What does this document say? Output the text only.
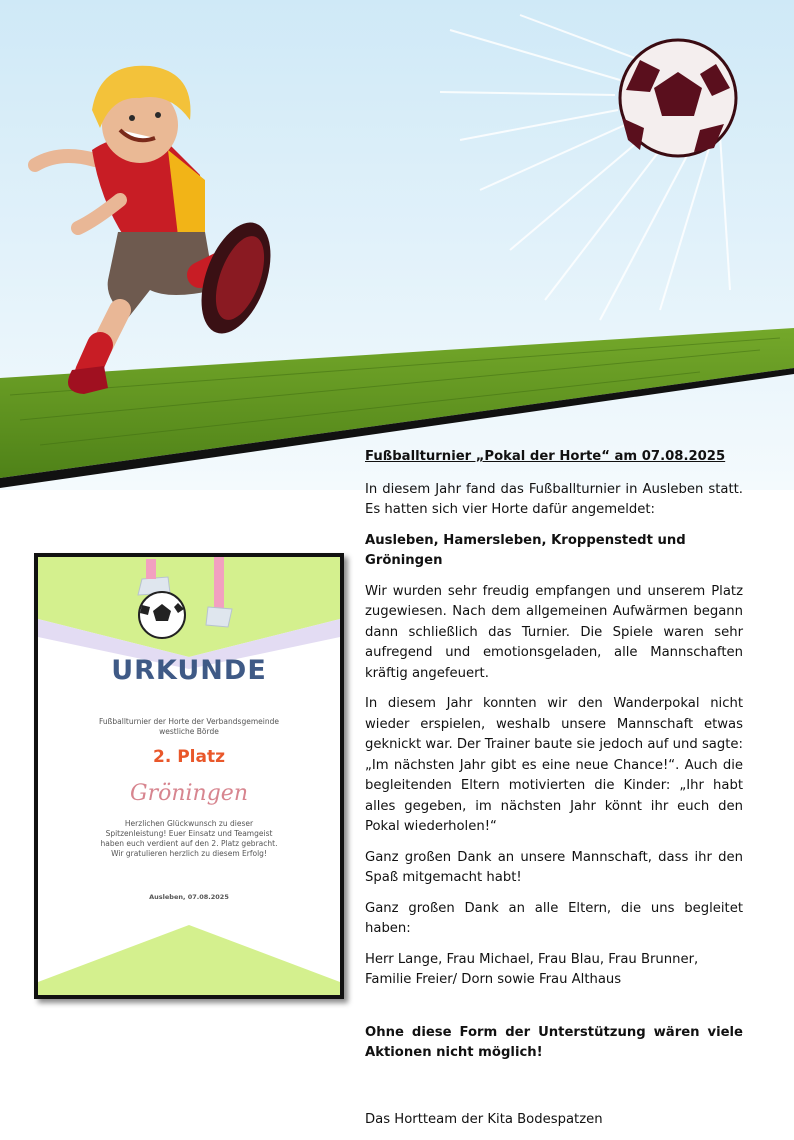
URKUNDE
Fußballturnier der Horte der Verbandsgemeinde westliche Börde
2. Platz
Gröningen
Herzlichen Glückwunsch zu dieser Spitzenleistung! Euer Einsatz und Teamgeist haben euch verdient auf den 2. Platz gebracht. Wir gratulieren herzlich zu diesem Erfolg!
Ausleben, 07.08.2025

Fußballturnier „Pokal der Horte“ am 07.08.2025

In diesem Jahr fand das Fußballturnier in Ausleben statt. Es hatten sich vier Horte dafür angemeldet:

Ausleben, Hamersleben, Kroppenstedt und Gröningen

Wir wurden sehr freudig empfangen und unserem Platz zugewiesen. Nach dem allgemeinen Aufwärmen begann dann schließlich das Turnier. Die Spiele waren sehr aufregend und emotionsgeladen, alle Mannschaften kräftig angefeuert.

In diesem Jahr konnten wir den Wanderpokal nicht wieder erspielen, weshalb unsere Mannschaft etwas geknickt war. Der Trainer baute sie jedoch auf und sagte: „Im nächsten Jahr gibt es eine neue Chance!“. Auch die begleitenden Eltern motivierten die Kinder: „Ihr habt alles gegeben, im nächsten Jahr könnt ihr euch den Pokal wiederholen!“

Ganz großen Dank an unsere Mannschaft, dass ihr den Spaß mitgemacht habt!

Ganz großen Dank an alle Eltern, die uns begleitet haben:

Herr Lange, Frau Michael, Frau Blau, Frau Brunner, Familie Freier/ Dorn sowie Frau Althaus

Ohne diese Form der Unterstützung wären viele Aktionen nicht möglich!

Das Hortteam der Kita Bodespatzen
